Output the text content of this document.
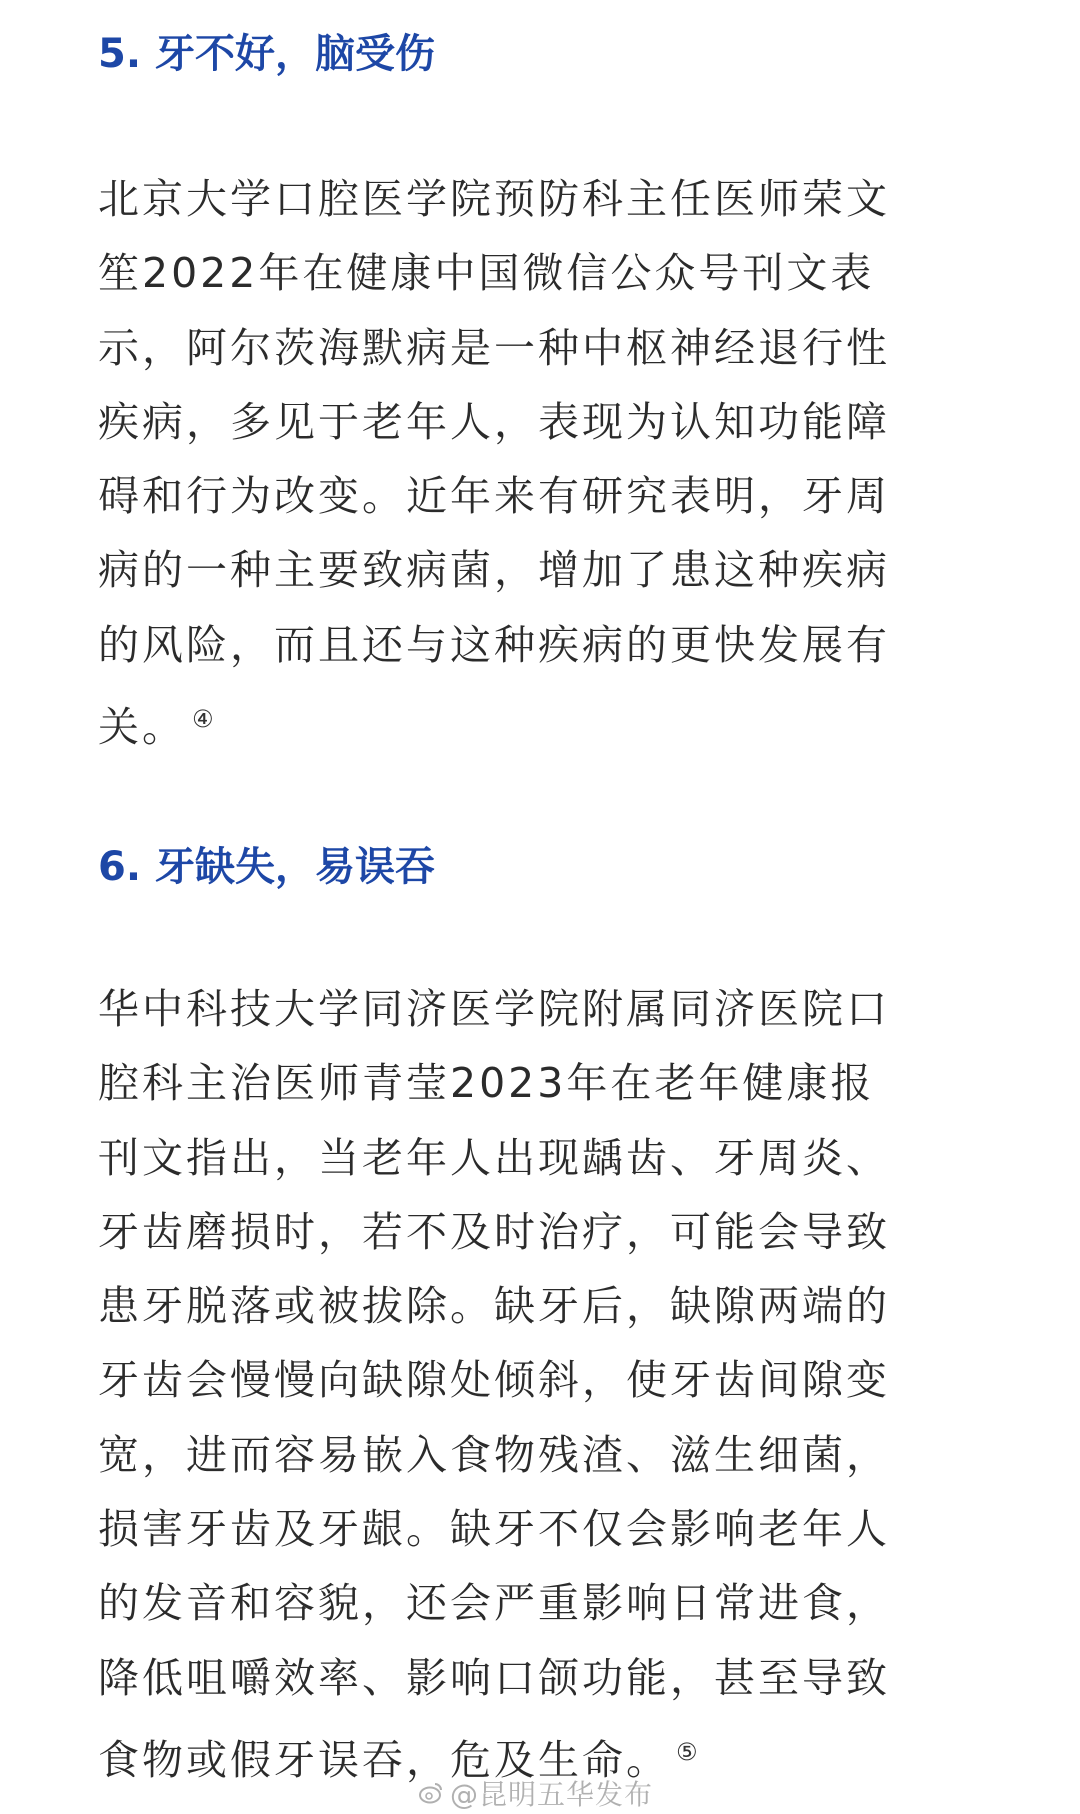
5. 牙不好，脑受伤
北京大学口腔医学院预防科主任医师荣文
笙2022年在健康中国微信公众号刊文表
示，阿尔茨海默病是一种中枢神经退行性
疾病，多见于老年人，表现为认知功能障
碍和行为改变。近年来有研究表明，牙周
病的一种主要致病菌，增加了患这种疾病
的风险，而且还与这种疾病的更快发展有
关。 ④
6. 牙缺失，易误吞
华中科技大学同济医学院附属同济医院口
腔科主治医师青莹2023年在老年健康报
刊文指出，当老年人出现龋齿、牙周炎、
牙齿磨损时，若不及时治疗，可能会导致
患牙脱落或被拔除。缺牙后，缺隙两端的
牙齿会慢慢向缺隙处倾斜，使牙齿间隙变
宽，进而容易嵌入食物残渣、滋生细菌，
损害牙齿及牙龈。缺牙不仅会影响老年人
的发音和容貌，还会严重影响日常进食，
降低咀嚼效率、影响口颌功能，甚至导致
食物或假牙误吞，危及生命。 ⑤
@昆明五华发布
